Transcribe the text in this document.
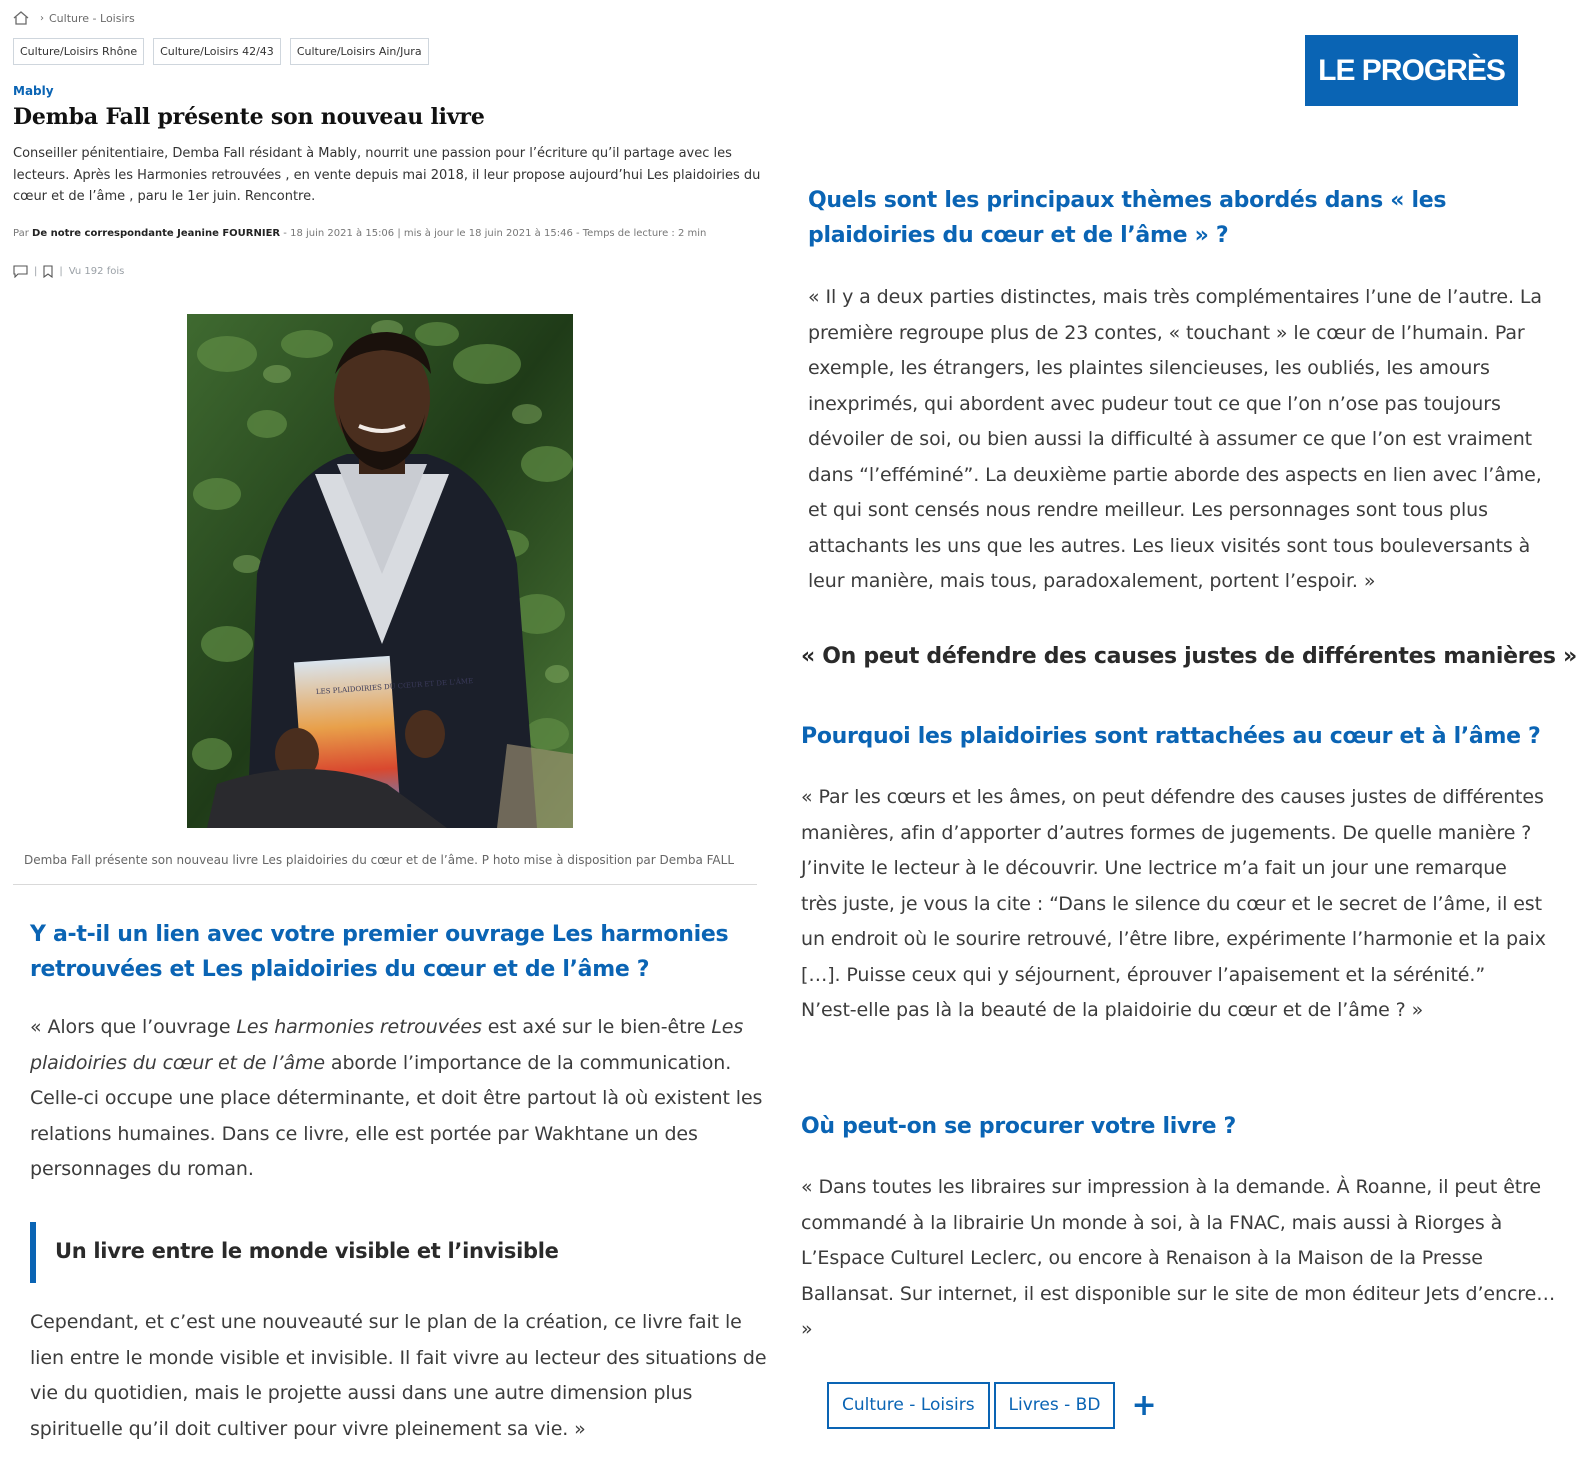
› Culture - Loisirs
Culture/Loisirs Rhône	Culture/Loisirs 42/43	Culture/Loisirs Ain/Jura
Mably
Demba Fall présente son nouveau livre

Conseiller pénitentiaire, Demba Fall résidant à Mably, nourrit une passion pour l’écriture qu’il partage avec les lecteurs. Après les Harmonies retrouvées , en vente depuis mai 2018, il leur propose aujourd’hui Les plaidoiries du cœur et de l’âme , paru le 1er juin. Rencontre.

Par De notre correspondante Jeanine FOURNIER - 18 juin 2021 à 15:06 | mis à jour le 18 juin 2021 à 15:46 - Temps de lecture : 2 min
| | Vu 192 fois
LES PLAIDOIRIES DU CŒUR ET DE L'ÂME

Demba Fall présente son nouveau livre Les plaidoiries du cœur et de l’âme. P hoto mise à disposition par Demba FALL

Y a-t-il un lien avec votre premier ouvrage Les harmonies retrouvées et Les plaidoiries du cœur et de l’âme ?

« Alors que l’ouvrage Les harmonies retrouvées est axé sur le bien-être Les plaidoiries du cœur et de l’âme aborde l’importance de la communication. Celle-ci occupe une place déterminante, et doit être partout là où existent les relations humaines. Dans ce livre, elle est portée par Wakhtane un des personnages du roman.

Un livre entre le monde visible et l’invisible

Cependant, et c’est une nouveauté sur le plan de la création, ce livre fait le lien entre le monde visible et invisible. Il fait vivre au lecteur des situations de vie du quotidien, mais le projette aussi dans une autre dimension plus spirituelle qu’il doit cultiver pour vivre pleinement sa vie. »

LE PROGRÈS
Quels sont les principaux thèmes abordés dans « les plaidoiries du cœur et de l’âme » ?

« Il y a deux parties distinctes, mais très complémentaires l’une de l’autre. La première regroupe plus de 23 contes, « touchant » le cœur de l’humain. Par exemple, les étrangers, les plaintes silencieuses, les oubliés, les amours inexprimés, qui abordent avec pudeur tout ce que l’on n’ose pas toujours dévoiler de soi, ou bien aussi la difficulté à assumer ce que l’on est vraiment dans “l’efféminé”. La deuxième partie aborde des aspects en lien avec l’âme, et qui sont censés nous rendre meilleur. Les personnages sont tous plus attachants les uns que les autres. Les lieux visités sont tous bouleversants à leur manière, mais tous, paradoxalement, portent l’espoir. »

« On peut défendre des causes justes de différentes manières »
Pourquoi les plaidoiries sont rattachées au cœur et à l’âme ?

« Par les cœurs et les âmes, on peut défendre des causes justes de différentes manières, afin d’apporter d’autres formes de jugements. De quelle manière ? J’invite le lecteur à le découvrir. Une lectrice m’a fait un jour une remarque très juste, je vous la cite : “Dans le silence du cœur et le secret de l’âme, il est un endroit où le sourire retrouvé, l’être libre, expérimente l’harmonie et la paix […]. Puisse ceux qui y séjournent, éprouver l’apaisement et la sérénité.” N’est-elle pas là la beauté de la plaidoirie du cœur et de l’âme ? »

Où peut-on se procurer votre livre ?

« Dans toutes les libraires sur impression à la demande. À Roanne, il peut être commandé à la librairie Un monde à soi, à la FNAC, mais aussi à Riorges à L’Espace Culturel Leclerc, ou encore à Renaison à la Maison de la Presse Ballansat. Sur internet, il est disponible sur le site de mon éditeur Jets d’encre… »

Culture - Loisirs	Livres - BD	+
